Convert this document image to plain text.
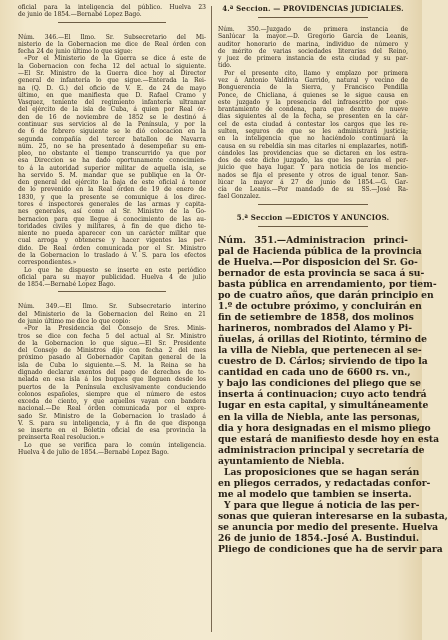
oficial para la inteligencia del público. Huelva 23
de junio de 1854.—Bernabé Lopez Bago.
Núm. 346.—El Ilmo. Sr. Subsecretario del Mi-
nisterio de la Gobernacion me dice de Real órden con
fecha 24 de junio último lo que sigue:
«Por el Ministerio de la Guerra se dice á este de
la Gobernacion con fecha 12 del actual lo siguiente.
—El Sr. Ministro de la Guerra dice hoy al Director
general de infantería lo que sigue.—Enterada la Rei-
na (Q. D. G.) del oficio de V. E. de 24 de mayo
último, en que manifiesta que D. Rafael Cramo y
Vasquez, teniente del regimiento infantería ultramar
del ejército de la isla de Cuba, á quien por Real ór-
den de 16 de noviembre de 1852 se le destinó á
continuar sus servicios al de la Península, y por la
de 6 de febrero siguiente se le dió colocacion en la
segunda compañía del tercer batallon de Navarra
núm. 25, no se ha presentado á desempeñar su em-
pleo, no obstante el tiempo transcurrido ya que por
esa Direccion se ha dado oportunamente conocimien-
to á la autoridad superior militar de aquella isla, se
ha servido S. M. mandar que se publique en la Ór-
den general del ejército la baja de este oficial á tenor
de lo prevenido en la Real órden de 19 de enero de
1830, y que la presente se comunique á los direc-
tores é inspectores generales de las armas y capita-
nes generales, así como al Sr. Ministro de la Go-
bernacion para que llegue á conocimiento de las au-
toridades civiles y militares, á fin de que dicho te-
niente no pueda aparecer con un carácter militar que
cual arroga y obtenerse y hacer vigentes las per-
dido. De Real órden comunicada por el Sr. Ministro
de la Gobernacion lo traslado á V. S. para los efectos
correspondientes.»
Lo que he dispuesto se inserte en este periódico
oficial para su mayor publicidad. Huelva 4 de julio
de 1854.—Bernabé Lopez Bago.
Núm. 349.—El Ilmo. Sr. Subsecretario interino
del Ministerio de la Gobernacion del Reino en 21
de junio último me dice lo que copio:
«Por la Presidencia del Consejo de Sres. Minis-
tros se dice con fecha 5 del actual al Sr. Ministro
de la Gobernacion lo que sigue.—El Sr. Presidente
del Consejo de Ministros dijo con fecha 2 del mes
próximo pasado al Gobernador Capitan general de la
isla de Cuba lo siguiente.—S. M. la Reina se ha
dignado declarar exentos del pago de derechos de to-
nelada en esa isla á los buques que lleguen desde los
puertos de la Península exclusivamente conduciendo
colonos españoles, siempre que el número de estos
exceda de ciento, y que aquellos vayan con bandera
nacional.—De Real órden comunicada por el expre-
sado Sr. Ministro de la Gobernacion lo traslado á
V. S. para su inteligencia, y á fin de que disponga
se inserte en el Boletin oficial de esa provincia la
preinserta Real resolucion.»
Lo que se verifica para lo común inteligencia.
Huelva 4 de julio de 1854.—Bernabé Lopez Bago.
4.ª Seccion. — PROVIDENCIAS JUDICIALES.
Núm. 350.—Juzgado de primera instancia de
Sanlúcar la mayor.—D. Gregorio García de Leanis,
auditor honorario de marina, individuo de número y
de mérito de varias sociedades literarias del Reino,
y juez de primera instancia de esta ciudad y su par-
tido.
Por el presente cito, llamo y emplazo por primera
vez á Antonio Valdivia Garrido, natural y vecino de
Bonguerencia de la Sierra, y Francisco Pendilla
Ponce, de Chicliana, á quienes se le sigue causa en
este juzgado y la presencia del infraescrito por que-
brantamiento de condena, para que dentro de nueve
dias siguientes al de la fecha, se presenten en la cár-
cel de esta ciudad á contestar los cargos que les re-
sulten, seguros de que se les administrará justicia;
en la inteligencia que no haciéndolo continuará la
causa en su rebeldía sin mas citarles ni emplazarles, notifi-
cándoles las providencias que se dictaren en los estra-
dos de este dicho juzgado, las que les pararán el per-
juicio que haya lugar. Y para noticia de los mencio-
nados se fija el presente y otros de igual tenor. San-
lúcar la mayor á 27 de junio de 1854.—G. Gar-
cía de Leanis.—Por mandado de su SS.—José Ra-
fael Gonzalez.
5.ª Seccion —EDICTOS Y ANUNCIOS.
Núm. 351.—Administracion princi-
pal de Hacienda pública de la provincia
de Huelva.—Por disposicion del Sr. Go-
bernador de esta provincia se saca á su-
basta pública en arrendamiento, por tiem-
po de cuatro años, que darán principio en
1.º de octubre próximo, y concluirán en
fin de setiembre de 1858, dos molinos
harineros, nombrados del Alamo y Pi-
ñuelas, á orillas del Riotinto, término de
la villa de Niebla, que pertenecen al se-
cuestro de D. Cárlos; sirviendo de tipo la
cantidad en cada uno de 6600 rs. vn.,
y bajo las condiciones del pliego que se
inserta á continuacion; cuyo acto tendrá
lugar en esta capital, y simultáneamente
en la villa de Niebla, ante las personas,
dia y hora designadas en el mismo pliego
que estará de manifiesto desde hoy en esta
administracion principal y secretaría de
ayuntamiento de Niebla.
Las proposiciones que se hagan serán
en pliegos cerrados, y redactadas confor-
me al modelo que tambien se inserta.
Y para que llegue á noticia de las per-
sonas que quieran interesarse en la subasta,
se anuncia por medio del presente. Huelva
26 de junio de 1854.-José A. Bustindui.
Pliego de condiciones que ha de servir para
